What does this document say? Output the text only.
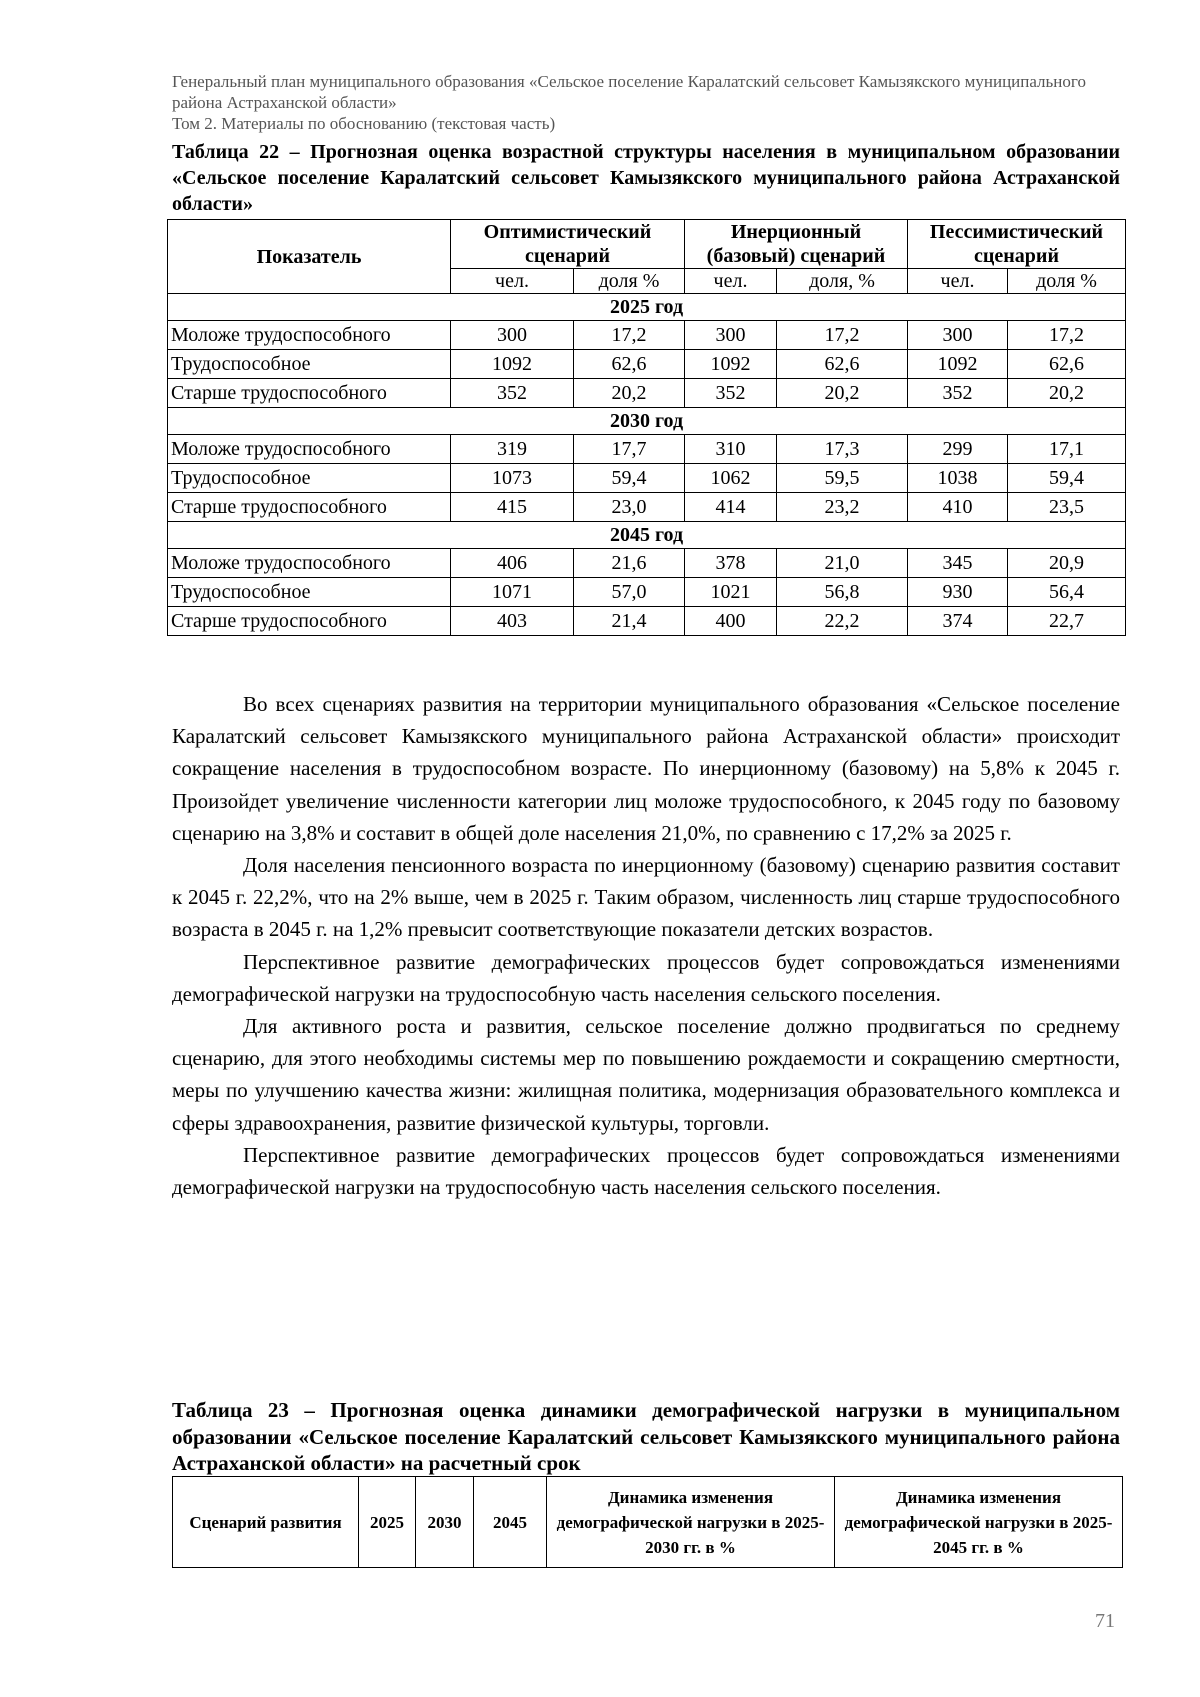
Генеральный план муниципального образования «Сельское поселение Каралатский сельсовет Камызякского муниципального района Астраханской области»
Том 2. Материалы по обоснованию (текстовая часть)
Таблица 22 – Прогнозная оценка возрастной структуры населения в муниципальном образовании «Сельское поселение Каралатский сельсовет Камызякского муниципального района Астраханской области»
Показатель	Оптимистический сценарий		Инерционный (базовый) сценарий		Пессимистический сценарий	
	чел.	доля %	чел.	доля, %	чел.	доля %
2025 год						
Моложе трудоспособного	300	17,2	300	17,2	300	17,2
Трудоспособное	1092	62,6	1092	62,6	1092	62,6
Старше трудоспособного	352	20,2	352	20,2	352	20,2
2030 год						
Моложе трудоспособного	319	17,7	310	17,3	299	17,1
Трудоспособное	1073	59,4	1062	59,5	1038	59,4
Старше трудоспособного	415	23,0	414	23,2	410	23,5
2045 год						
Моложе трудоспособного	406	21,6	378	21,0	345	20,9
Трудоспособное	1071	57,0	1021	56,8	930	56,4
Старше трудоспособного	403	21,4	400	22,2	374	22,7

Во всех сценариях развития на территории муниципального образования «Сельское поселение Каралатский сельсовет Камызякского муниципального района Астраханской области» происходит сокращение населения в трудоспособном возрасте. По инерционному (базовому) на 5,8% к 2045 г. Произойдет увеличение численности категории лиц моложе трудоспособного, к 2045 году по базовому сценарию на 3,8% и составит в общей доле населения 21,0%, по сравнению с 17,2% за 2025 г.

Доля населения пенсионного возраста по инерционному (базовому) сценарию развития составит к 2045 г. 22,2%, что на 2% выше, чем в 2025 г. Таким образом, численность лиц старше трудоспособного возраста в 2045 г. на 1,2% превысит соответствующие показатели детских возрастов.

Перспективное развитие демографических процессов будет сопровождаться изменениями демографической нагрузки на трудоспособную часть населения сельского поселения.

Для активного роста и развития, сельское поселение должно продвигаться по среднему сценарию, для этого необходимы системы мер по повышению рождаемости и сокращению смертности, меры по улучшению качества жизни: жилищная политика, модернизация образовательного комплекса и сферы здравоохранения, развитие физической культуры, торговли.

Перспективное развитие демографических процессов будет сопровождаться изменениями демографической нагрузки на трудоспособную часть населения сельского поселения.

Таблица 23 – Прогнозная оценка динамики демографической нагрузки в муниципальном образовании «Сельское поселение Каралатский сельсовет Камызякского муниципального района Астраханской области» на расчетный срок
Сценарий развития	2025	2030	2045	Динамика изменения демографической нагрузки в 2025-2030 гг. в %	Динамика изменения демографической нагрузки в 2025-2045 гг. в %
71
